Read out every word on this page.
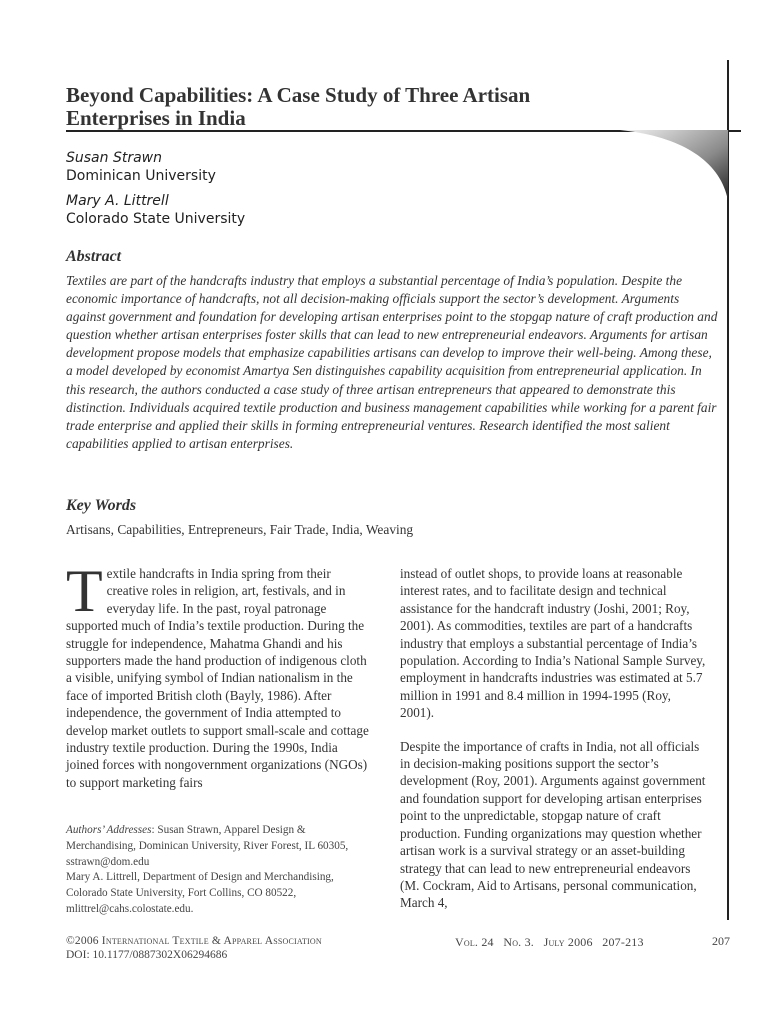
Beyond Capabilities: A Case Study of Three Artisan Enterprises in India
Susan Strawn
Dominican University
Mary A. Littrell
Colorado State University
Abstract

Textiles are part of the handcrafts industry that employs a substantial percentage of India’s population. Despite the economic importance of handcrafts, not all decision-making officials support the sector’s development. Arguments against government and foundation for developing artisan enterprises point to the stopgap nature of craft production and question whether artisan enterprises foster skills that can lead to new entrepreneurial endeavors. Arguments for artisan development propose models that emphasize capabilities artisans can develop to improve their well-being. Among these, a model developed by economist Amartya Sen distinguishes capability acquisition from entrepreneurial application. In this research, the authors conducted a case study of three artisan entrepreneurs that appeared to demonstrate this distinction. Individuals acquired textile production and business management capabilities while working for a parent fair trade enterprise and applied their skills in forming entrepreneurial ventures. Research identified the most salient capabilities applied to artisan enterprises.

Key Words

Artisans, Capabilities, Entrepreneurs, Fair Trade, India, Weaving

Textile handcrafts in India spring from their creative roles in religion, art, festivals, and in everyday life. In the past, royal patronage supported much of India’s textile production. During the struggle for independence, Mahatma Ghandi and his supporters made the hand production of indigenous cloth a visible, unifying symbol of Indian nationalism in the face of imported British cloth (Bayly, 1986). After independence, the government of India attempted to develop market outlets to support small-scale and cottage industry textile production. During the 1990s, India joined forces with nongovernment organizations (NGOs) to support marketing fairs

instead of outlet shops, to provide loans at reasonable interest rates, and to facilitate design and technical assistance for the handcraft industry (Joshi, 2001; Roy, 2001). As commodities, textiles are part of a handcrafts industry that employs a substantial percentage of India’s population. According to India’s National Sample Survey, employment in handcrafts industries was estimated at 5.7 million in 1991 and 8.4 million in 1994-1995 (Roy, 2001).

Despite the importance of crafts in India, not all officials in decision-making positions support the sector’s development (Roy, 2001). Arguments against government and foundation support for developing artisan enterprises point to the unpredictable, stopgap nature of craft production. Funding organizations may question whether artisan work is a survival strategy or an asset-building strategy that can lead to new entrepreneurial endeavors (M. Cockram, Aid to Artisans, personal communication, March 4,

Authors’ Addresses: Susan Strawn, Apparel Design & Merchandising, Dominican University, River Forest, IL 60305, sstrawn@dom.edu
Mary A. Littrell, Department of Design and Merchandising, Colorado State University, Fort Collins, CO 80522, mlittrel@cahs.colostate.edu.
©2006 International Textile & Apparel Association
DOI: 10.1177/0887302X06294686
Vol. 24   No. 3.   July 2006   207-213	207
